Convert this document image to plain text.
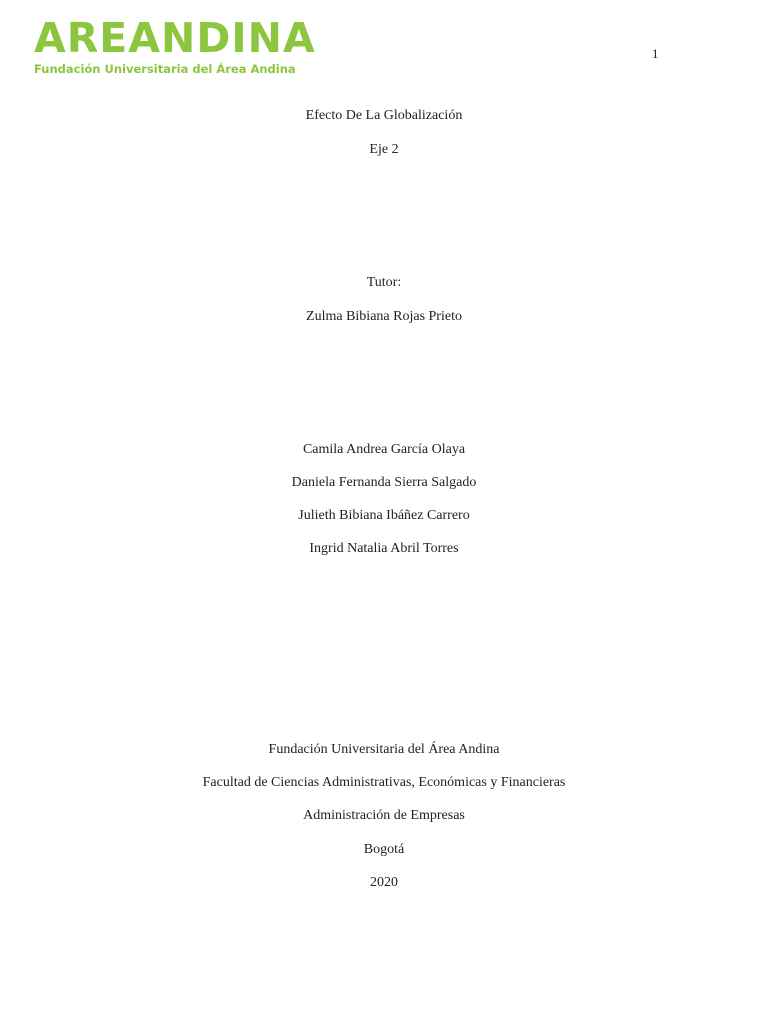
AREANDINA
Fundación Universitaria del Área Andina
1
Efecto De La Globalización
Eje 2
Tutor:
Zulma Bibiana Rojas Prieto
Camila Andrea García Olaya
Daniela Fernanda Sierra Salgado
Julieth Bibiana Ibáñez Carrero
Ingrid Natalia Abril Torres
Fundación Universitaria del Área Andina
Facultad de Ciencias Administrativas, Económicas y Financieras
Administración de Empresas
Bogotá
2020
